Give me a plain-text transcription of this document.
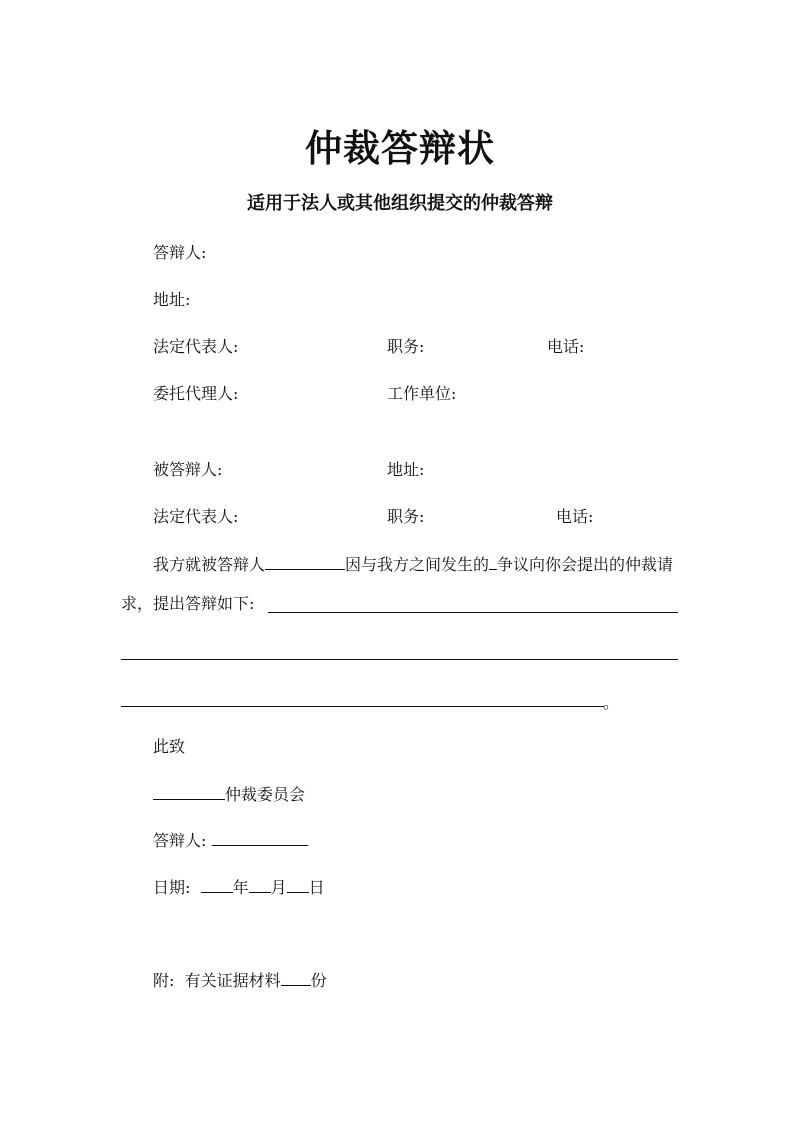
仲裁答辩状
适用于法人或其他组织提交的仲裁答辩
答辩人:
地址:
法定代表人:	职务:	电话:
委托代理人:	工作单位:
被答辩人:	地址:
法定代表人:	职务:	电话:
我方就被答辩人	因与我方之间发生的 争议向你会提出的仲裁请
求，提出答辩如下:
。
此致
仲裁委员会
答辩人:
日期:	年 月 日
附: 有关证据材料 份
